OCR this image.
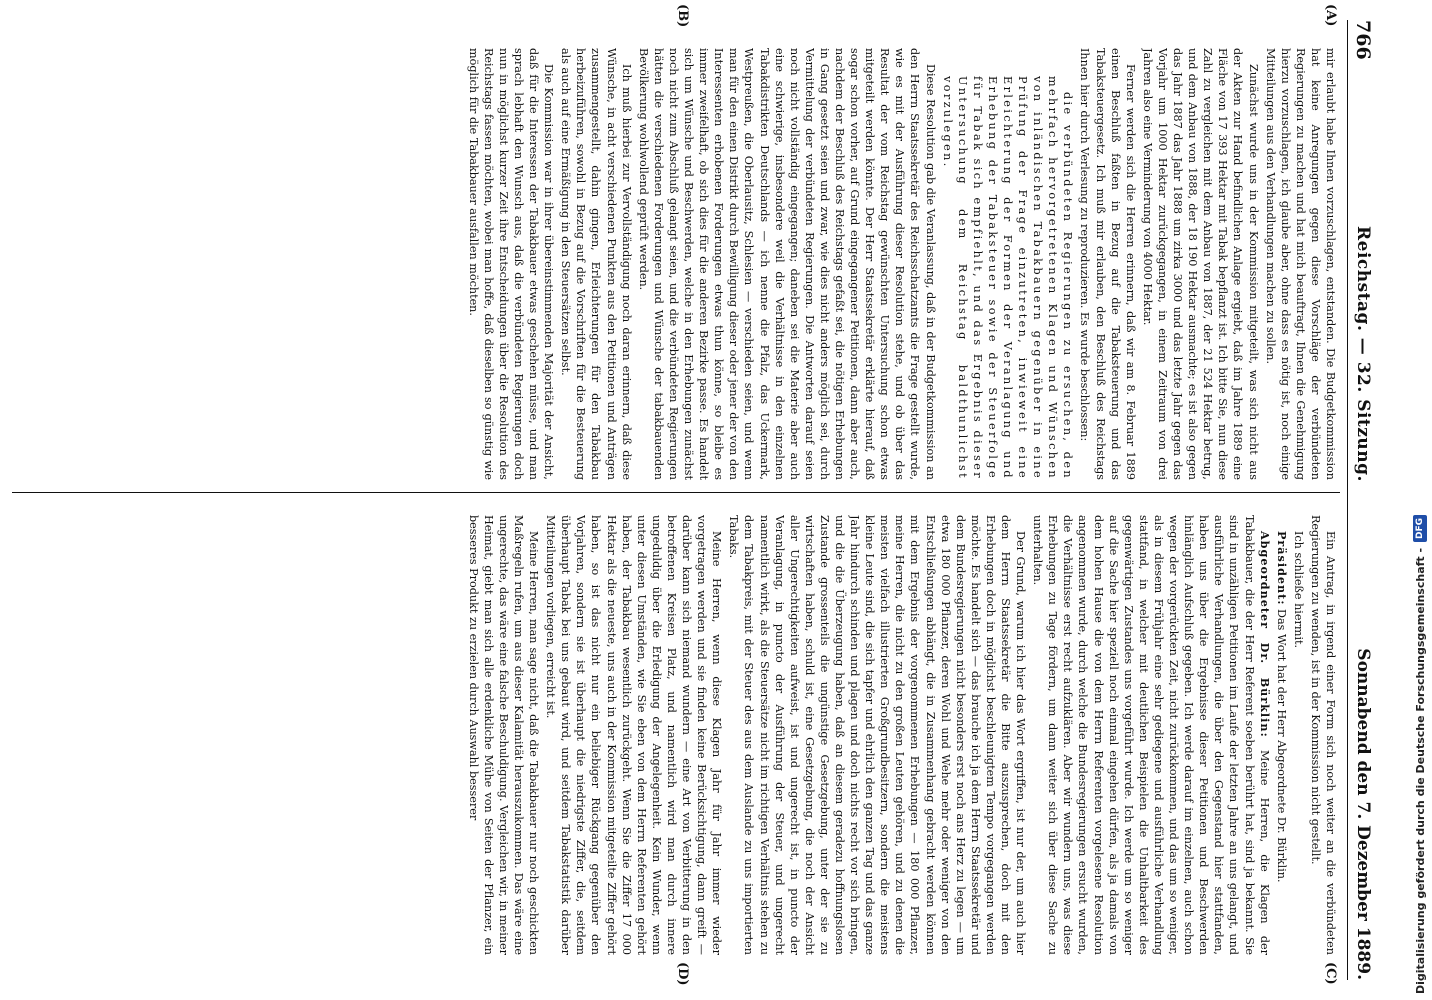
766
Reichstag. — 32. Sitzung.
Sonnabend den 7. Dezember 1889.
(A)
(B)
(C)
(D)

mir erlaubt habe Ihnen vorzuschlagen, entstanden. Die Budgetkommission hat keine Anregungen gegen diese Vorschläge der verbündeten Regierungen zu machen und hat mich beauftragt, Ihnen die Genehmigung hierzu vorzuschlagen, ich glaube aber, ohne dass es nötig ist, noch einige Mitteilungen aus den Verhandlungen machen zu sollen.

Zunächst wurde uns in der Kommission mitgeteilt, was sich nicht aus der Akten zur Hand befindlichen Anlage ergiebt, daß im Jahre 1889 eine Fläche von 17 393 Hektar mit Tabak bepflanzt ist. Ich bitte Sie, nun diese Zahl zu vergleichen mit dem Anbau von 1887, der 21 524 Hektar betrug, und dem Anbau von 1888, der 18 190 Hektar ausmachte; es ist also gegen das Jahr 1887 das Jahr 1888 um zirka 3000 und das letzte Jahr gegen das Vorjahr um 1000 Hektar zurückgegangen, in einem Zeitraum von drei Jahren also eine Verminderung von 4000 Hektar.

Ferner werden sich die Herren erinnern, daß wir am 8. Februar 1889 einen Beschluß faßten in Bezug auf die Tabaksteuerung und das Tabaksteuergesetz. Ich muß mir erlauben, den Beschluß des Reichstags Ihnen hier durch Verlesung zu reproduzieren. Es wurde beschlossen:

die verbündeten Regierungen zu ersuchen, den mehrfach hervorgetretenen Klagen und Wünschen von inländischen Tabakbauern gegenüber in eine Prüfung der Frage einzutreten, inwieweit eine Erleichterung der Formen der Veranlagung und Erhebung der Tabaksteuer sowie der Steuerfolge für Tabak sich empfiehlt, und das Ergebnis dieser Untersuchung dem Reichstag baldthunlichst vorzulegen.

Diese Resolution gab die Veranlassung, daß in der Budgetkommission an den Herrn Staatssekretär des Reichsschatzamts die Frage gestellt wurde, wie es mit der Ausführung dieser Resolution stehe, und ob über das Resultat der vom Reichstag gewünschten Untersuchung schon etwas mitgeteilt werden könnte. Der Herr Staatssekretär erklärte hierauf, daß sogar schon vorher, auf Grund eingegangener Petitionen, dann aber auch, nachdem der Beschluß des Reichstags gefaßt sei, die nötigen Erhebungen in Gang gesetzt seien und zwar, wie dies nicht anders möglich sei, durch Vermittelung der verbündeten Regierungen. Die Antworten darauf seien noch nicht vollständig eingegangen; daneben sei die Materie aber auch eine schwierige, insbesondere weil die Verhältnisse in den einzelnen Tabakdistrikten Deutschlands — ich nenne die Pfalz, das Uckermark, Westpreußen, die Oberlausitz, Schlesien — verschieden seien, und wenn man für den einen Distrikt durch Bewilligung dieser oder jener der von den Interessenten erhobenen Forderungen etwas thun könne, so bleibe es immer zweifelhaft, ob sich dies für die anderen Bezirke passe. Es handelt sich um Wünsche und Beschwerden, welche in den Erhebungen zunächst noch nicht zum Abschluß gelangt seien, und die verbündeten Regierungen hätten die verschiedenen Forderungen und Wünsche der tabakbauenden Bevölkerung wohlwollend geprüft werden.

Ich muß hierbei zur Vervollständigung noch daran erinnern, daß diese Wünsche, in acht verschiedenen Punkten aus den Petitionen und Anträgen zusammengestellt, dahin gingen, Erleichterungen für den Tabakbau herbeizuführen, sowohl in Bezug auf die Vorschriften für die Besteuerung als auch auf eine Ermäßigung in den Steuersätzen selbst.

Die Kommission war in ihrer übereinstimmenden Majorität der Ansicht, daß für die Interessen der Tabakbauer etwas geschehen müsse, und man sprach lebhaft den Wunsch aus, daß die verbündeten Regierungen doch nun in möglichst kurzer Zeit ihre Entscheidungen über die Resolution des Reichstags fassen möchten, wobei man hoffe, daß dieselben so günstig wie möglich für die Tabakbauer ausfallen möchten.

Ein Antrag, in irgend einer Form sich noch weiter an die verbündeten Regierungen zu wenden, ist in der Kommission nicht gestellt.

Ich schließe hiermit.

Präsident: Das Wort hat der Herr Abgeordnete Dr. Bürklin.

Abgeordneter Dr. Bürklin: Meine Herren, die Klagen der Tabakbauer, die der Herr Referent soeben berührt hat, sind ja bekannt. Sie sind in unzähligen Petitionen im Laufe der letzten Jahre an uns gelangt, und ausführliche Verhandlungen, die über den Gegenstand hier stattfanden, haben uns über die Ergebnisse dieser Petitionen und Beschwerden hinlänglich Aufschluß gegeben. Ich werde darauf im einzelnen, auch schon wegen der vorgerückten Zeit, nicht zurückkommen, und das um so weniger, als in diesem Frühjahr eine sehr gediegene und ausführliche Verhandlung stattfand, in welcher mit deutlichen Beispielen die Unhaltbarkeit des gegenwärtigen Zustandes uns vorgeführt wurde. Ich werde um so weniger auf die Sache hier speziell noch einmal eingehen dürfen, als ja damals von dem hohen Hause die von dem Herrn Referenten vorgelesene Resolution angenommen wurde, durch welche die Bundesregierungen ersucht wurden, die Verhältnisse erst recht aufzuklären. Aber wir wundern uns, was diese Erhebungen zu Tage fördern, um dann weiter sich über diese Sache zu unterhalten.

Der Grund, warum ich hier das Wort ergriffen, ist nur der, um auch hier dem Herrn Staatssekretär die Bitte auszusprechen, doch mit den Erhebungen doch in möglichst beschleunigtem Tempo vorgegangen werden möchte. Es handelt sich — das brauche ich ja dem Herrn Staatssekretär und dem Bundesregierungen nicht besonders erst noch ans Herz zu legen — um etwa 180 000 Pflanzer, deren Wohl und Wehe mehr oder weniger von den Entschließungen abhängt, die in Zusammenhang gebracht werden können mit dem Ergebnis der vorgenommenen Erhebungen — 180 000 Pflanzer, meine Herren, die nicht zu den großen Leuten gehören, und zu denen die meisten vielfach illustrierten Großgrundbesitzern, sondern die meistens kleine Leute sind, die sich tapfer und ehrlich den ganzen Tag und das ganze Jahr hindurch schinden und plagen und doch nichts recht vor sich bringen, und die die Überzeugung haben, daß an diesem geradezu hoffnungslosen Zustande grossenteils die ungünstige Gesetzgebung, unter der sie zu wirtschaften haben, schuld ist, eine Gesetzgebung, die noch der Ansicht aller Ungerechtigkeiten aufweist, ist und ungerecht ist, in puncto der Veranlagung, in puncto der Ausführung der Steuer, und ungerecht namentlich wirkt, als die Steuersätze nicht im richtigen Verhältnis stehen zu dem Tabakpreis, mit der Steuer des aus dem Auslande zu uns importierten Tabaks.

Meine Herren, wenn diese Klagen Jahr für Jahr immer wieder vorgetragen werden und sie finden keine Berücksichtigung, dann greift — darüber kann sich niemand wundern — eine Art von Verbitterung in den betroffenen Kreisen Platz, und namentlich wird man durch innere ungeduldig über die Erledigung der Angelegenheit. Kein Wunder, wenn unter diesen Umständen, wie Sie eben von dem Herrn Referenten gehört haben, der Tabakbau wesentlich zurückgeht. Wenn Sie die Ziffer 17 000 Hektar als die neueste, uns auch in der Kommission mitgeteilte Ziffer gehört haben, so ist das nicht nur ein beliebiger Rückgang gegenüber den Vorjahren, sondern sie ist überhaupt die niedrigste Ziffer, die, seitdem überhaupt Tabak bei uns gebaut wird, und seitdem Tabakstatistik darüber Mitteilungen vorliegen, erreicht ist.

Meine Herren, man sage nicht, daß die Tabakbauer nur noch geschickten Maßregeln rufen, um aus dieser Kalamität herauszukommen. Das wäre eine ungerechte, das wäre eine falsche Beschuldigung. Vergleichen wir, in meiner Heimat, giebt man sich alle erdenkliche Mühe von Seiten der Pflanzer, ein besseres Produkt zu erzielen durch Auswahl besserer	Digitalisierung gefördert durch die Deutsche Forschungsgemeinschaft -
DFG
